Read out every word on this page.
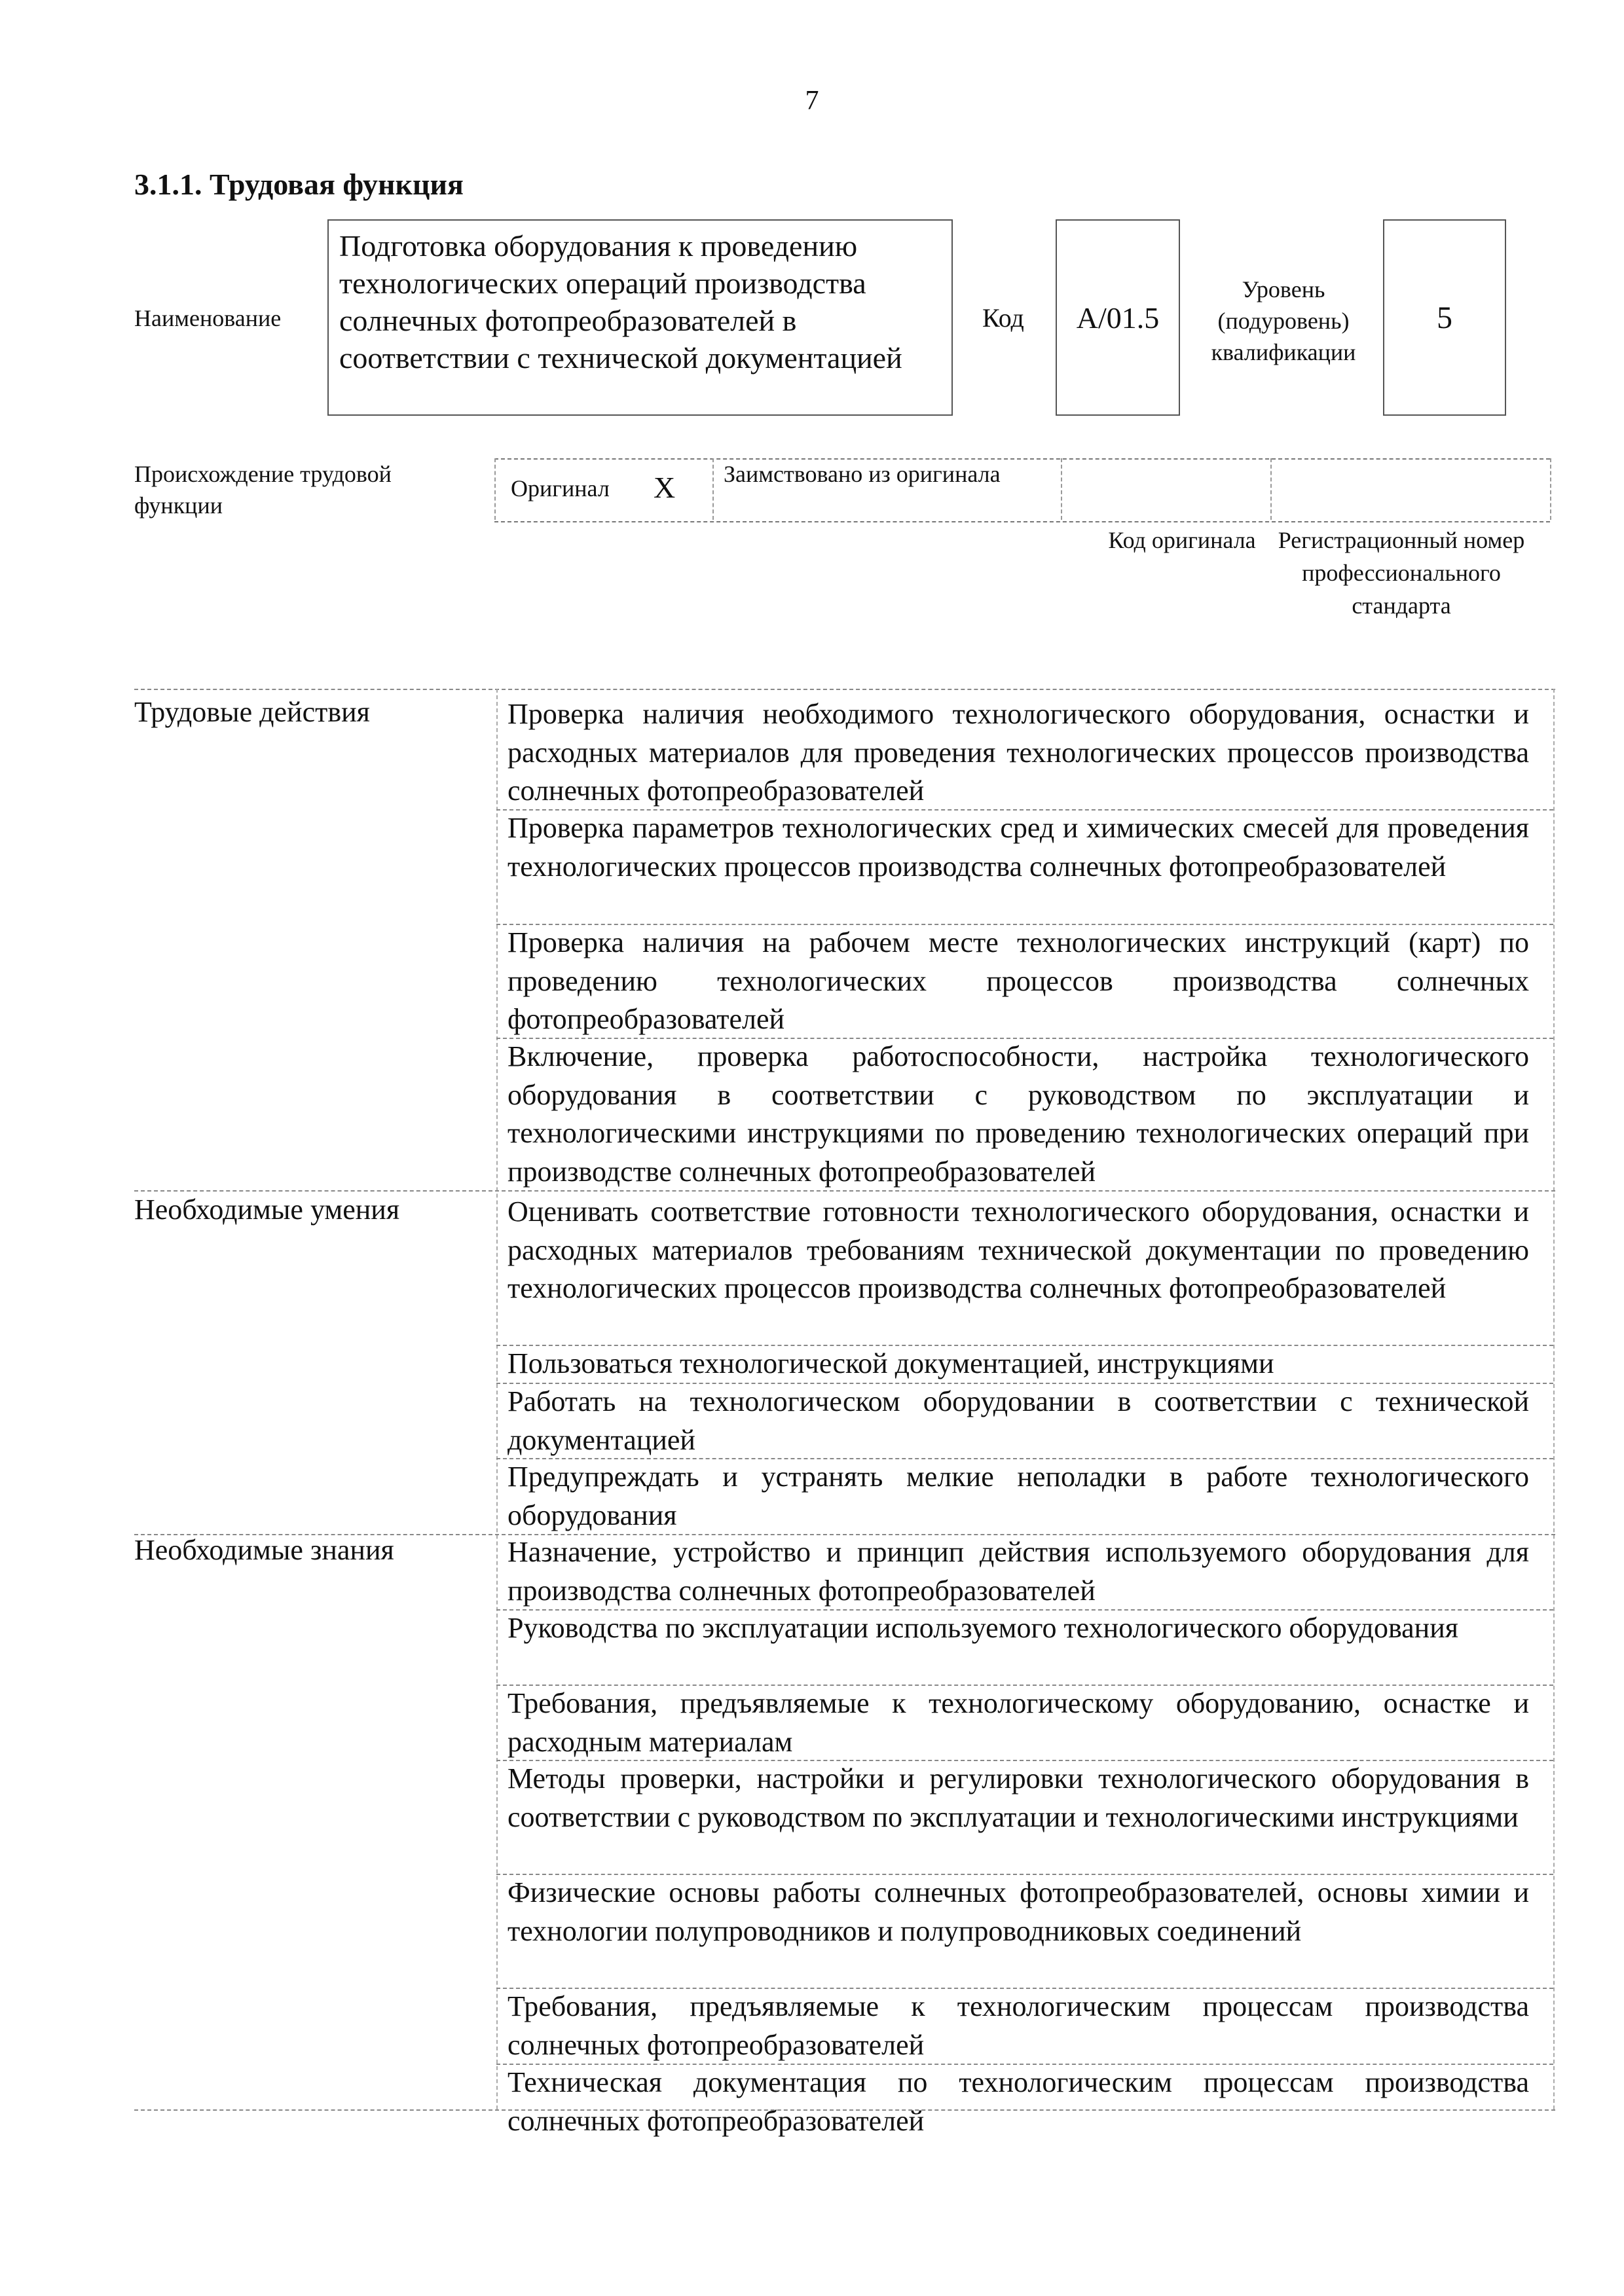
7
3.1.1. Трудовая функция
Наименование
Подготовка оборудования к проведению технологических операций производства солнечных фотопреобразователей в соответствии с технической документацией
Код	A/01.5
Уровень (подуровень) квалификации
5
Происхождение трудовой функции
Оригинал X Заимствовано из оригинала
Код оригинала Регистрационный номер профессионального стандарта
Трудовые действия	Проверка наличия необходимого технологического оборудования, оснастки и расходных материалов для проведения технологических процессов производства солнечных фотопреобразователей
Проверка параметров технологических сред и химических смесей для проведения технологических процессов производства солнечных фотопреобразователей
Проверка наличия на рабочем месте технологических инструкций (карт) по проведению технологических процессов производства солнечных фотопреобразователей
Включение, проверка работоспособности, настройка технологического оборудования в соответствии с руководством по эксплуатации и технологическими инструкциями по проведению технологических операций при производстве солнечных фотопреобразователей
Необходимые умения	Оценивать соответствие готовности технологического оборудования, оснастки и расходных материалов требованиям технической документации по проведению технологических процессов производства солнечных фотопреобразователей
Пользоваться технологической документацией, инструкциями
Работать на технологическом оборудовании в соответствии с технической документацией
Предупреждать и устранять мелкие неполадки в работе технологического оборудования
Необходимые знания	Назначение, устройство и принцип действия используемого оборудования для производства солнечных фотопреобразователей
Руководства по эксплуатации используемого технологического оборудования
Требования, предъявляемые к технологическому оборудованию, оснастке и расходным материалам
Методы проверки, настройки и регулировки технологического оборудования в соответствии с руководством по эксплуатации и технологическими инструкциями
Физические основы работы солнечных фотопреобразователей, основы химии и технологии полупроводников и полупроводниковых соединений
Требования, предъявляемые к технологическим процессам производства солнечных фотопреобразователей
Техническая документация по технологическим процессам производства солнечных фотопреобразователей
